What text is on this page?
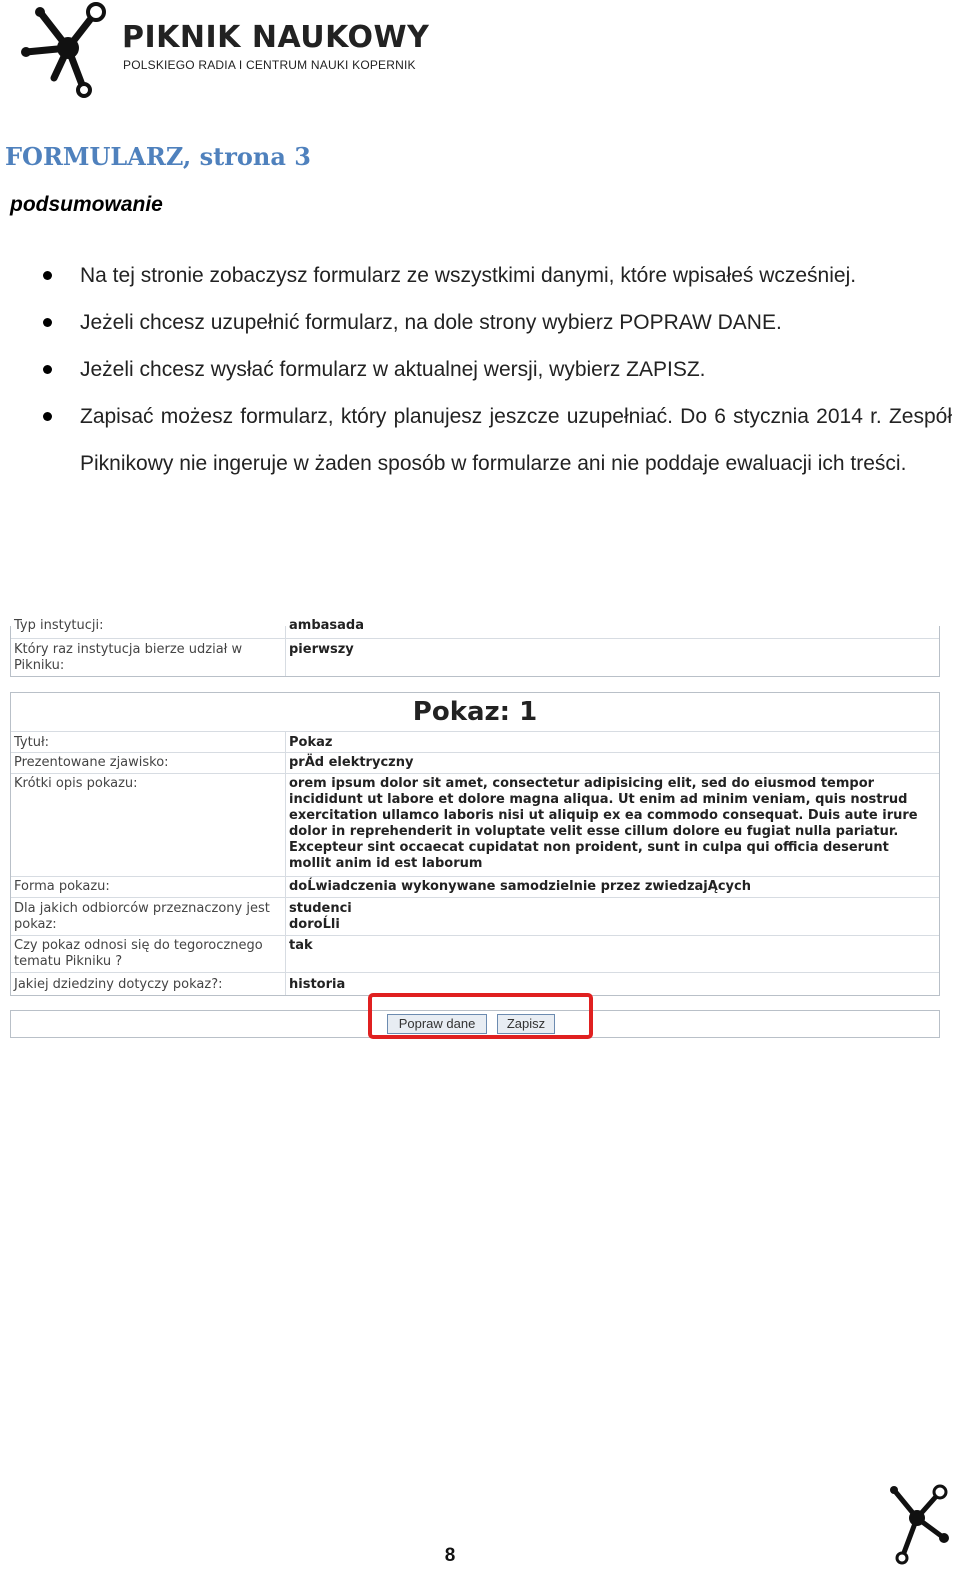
PIKNIK NAUKOWY
POLSKIEGO RADIA I CENTRUM NAUKI KOPERNIK
FORMULARZ, strona 3
podsumowanie
Na tej stronie zobaczysz formularz ze wszystkimi danymi, które wpisałeś wcześniej.
Jeżeli chcesz uzupełnić formularz, na dole strony wybierz POPRAW DANE.
Jeżeli chcesz wysłać formularz w aktualnej wersji, wybierz ZAPISZ.
Zapisać możesz formularz, który planujesz jeszcze uzupełniać. Do 6 stycznia 2014 r. Zespół Piknikowy nie ingeruje w żaden sposób w formularze ani nie poddaje ewaluacji ich treści.
Typ instytucji:	ambasada
Który raz instytucja bierze udział w Pikniku:
pierwszy
Pokaz: 1
Tytuł:	Pokaz
Prezentowane zjawisko:	prÄd elektryczny
Krótki opis pokazu:	orem ipsum dolor sit amet, consectetur adipisicing elit, sed do eiusmod tempor incididunt ut labore et dolore magna aliqua. Ut enim ad minim veniam, quis nostrud exercitation ullamco laboris nisi ut aliquip ex ea commodo consequat. Duis aute irure dolor in reprehenderit in voluptate velit esse cillum dolore eu fugiat nulla pariatur. Excepteur sint occaecat cupidatat non proident, sunt in culpa qui officia deserunt mollit anim id est laborum
Forma pokazu:	doĹwiadczenia wykonywane samodzielnie przez zwiedzajĄcych
Dla jakich odbiorców przeznaczony jest pokaz:
studenci
doroĹli
Czy pokaz odnosi się do tegorocznego tematu Pikniku ?
tak
Jakiej dziedziny dotyczy pokaz?:	historia
Popraw dane	Zapisz
8
